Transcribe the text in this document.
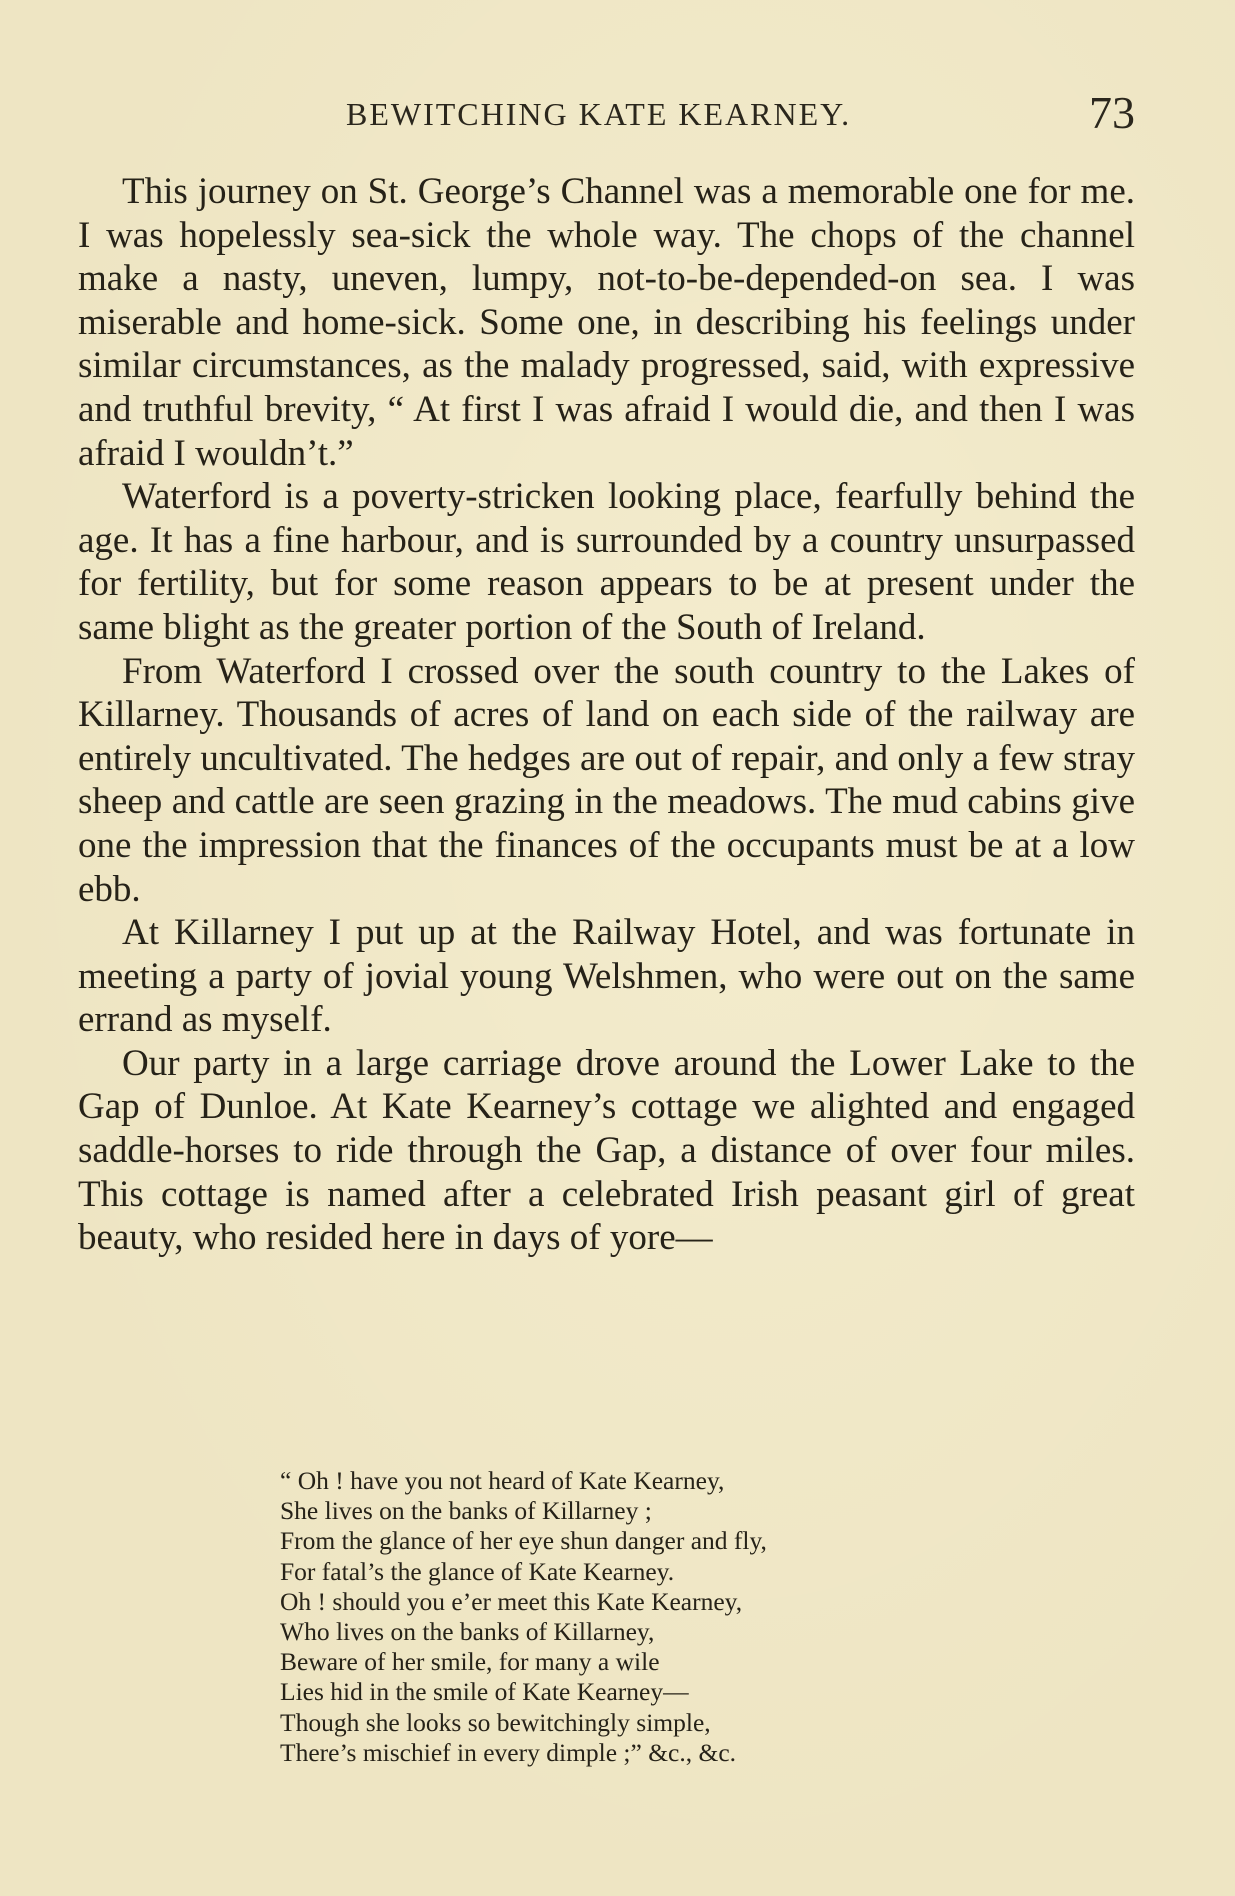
BEWITCHING KATE KEARNEY.	73

This journey on St. George’s Channel was a memorable one for me. I was hopelessly sea-sick the whole way. The chops of the channel make a nasty, uneven, lumpy, not-to-be-depended-on sea. I was miserable and home-sick. Some one, in describing his feelings under similar circumstances, as the malady progressed, said, with expressive and truthful brevity, “ At first I was afraid I would die, and then I was afraid I wouldn’t.”

Waterford is a poverty-stricken looking place, fearfully behind the age. It has a fine harbour, and is surrounded by a country unsurpassed for fertility, but for some reason appears to be at present under the same blight as the greater portion of the South of Ireland.

From Waterford I crossed over the south country to the Lakes of Killarney. Thousands of acres of land on each side of the railway are entirely uncultivated. The hedges are out of repair, and only a few stray sheep and cattle are seen grazing in the meadows. The mud cabins give one the impression that the finances of the occupants must be at a low ebb.

At Killarney I put up at the Railway Hotel, and was fortunate in meeting a party of jovial young Welshmen, who were out on the same errand as myself.

Our party in a large carriage drove around the Lower Lake to the Gap of Dunloe. At Kate Kearney’s cottage we alighted and engaged saddle-horses to ride through the Gap, a distance of over four miles. This cottage is named after a celebrated Irish peasant girl of great beauty, who resided here in days of yore—

“ Oh ! have you not heard of Kate Kearney,
She lives on the banks of Killarney ;
From the glance of her eye shun danger and fly,
For fatal’s the glance of Kate Kearney.
Oh ! should you e’er meet this Kate Kearney,
Who lives on the banks of Killarney,
Beware of her smile, for many a wile
Lies hid in the smile of Kate Kearney—
Though she looks so bewitchingly simple,
There’s mischief in every dimple ;” &c., &c.
